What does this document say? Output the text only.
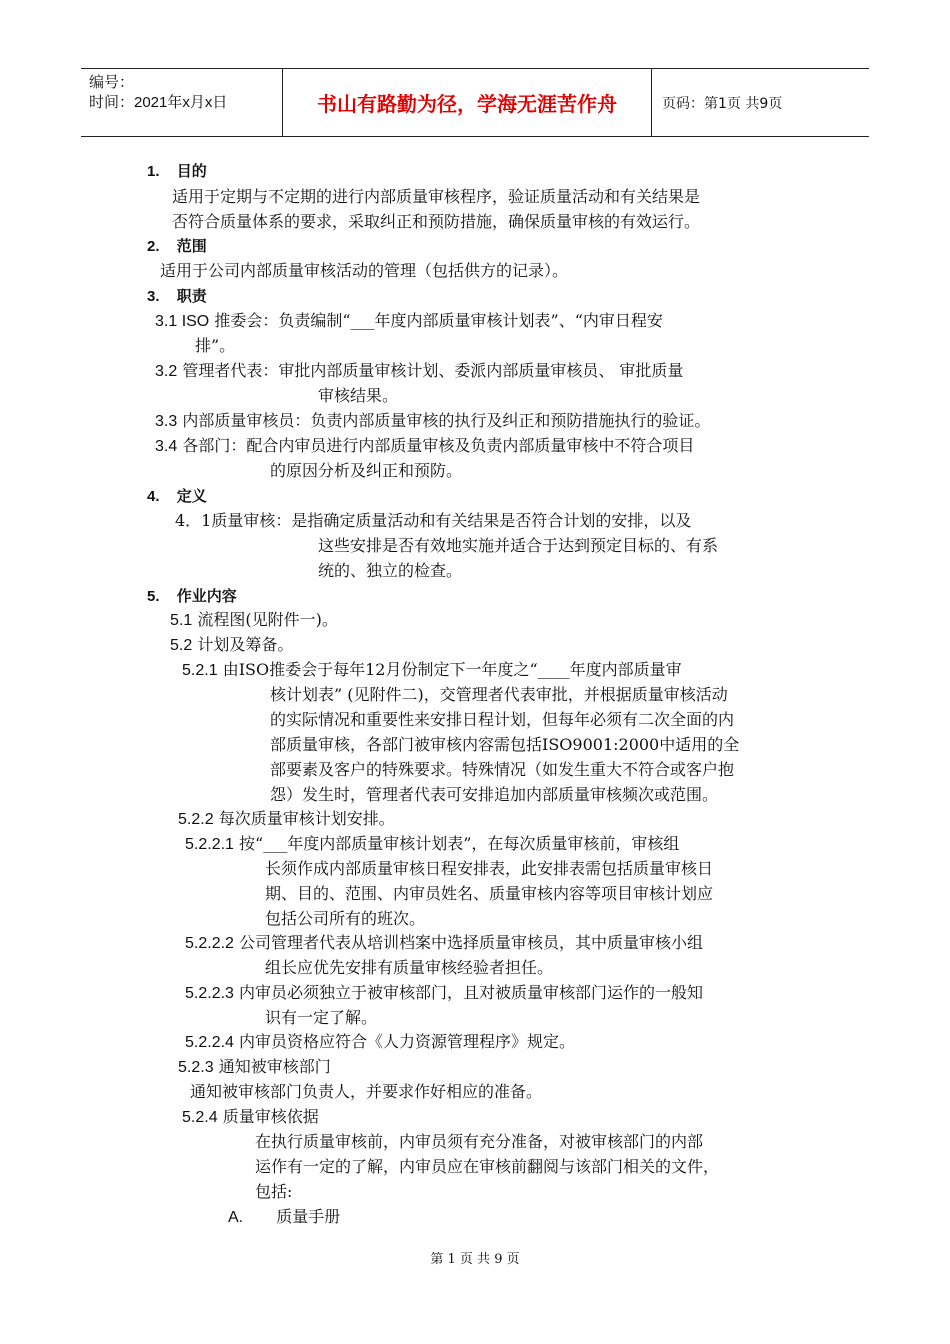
编号：
时间：2021年x月x日	书山有路勤为径，学海无涯苦作舟	页码：第1页 共9页
1. 目的
适用于定期与不定期的进行内部质量审核程序，验证质量活动和有关结果是
否符合质量体系的要求，采取纠正和预防措施，确保质量审核的有效运行。
2. 范围
适用于公司内部质量审核活动的管理（包括供方的记录）。
3. 职责
3.1 ISO 推委会：负责编制“___年度内部质量审核计划表”、“内审日程安
排”。
3.2 管理者代表：审批内部质量审核计划、委派内部质量审核员、 审批质量
审核结果。
3.3 内部质量审核员：负责内部质量审核的执行及纠正和预防措施执行的验证。
3.4 各部门：配合内审员进行内部质量审核及负责内部质量审核中不符合项目
的原因分析及纠正和预防。
4. 定义
4．1质量审核：是指确定质量活动和有关结果是否符合计划的安排，以及
这些安排是否有效地实施并适合于达到预定目标的、有系
统的、独立的检查。
5. 作业内容
5.1 流程图(见附件一)。
5.2 计划及筹备。
5.2.1 由ISO推委会于每年12月份制定下一年度之“____年度内部质量审
核计划表” (见附件二)，交管理者代表审批，并根据质量审核活动
的实际情况和重要性来安排日程计划，但每年必须有二次全面的内
部质量审核，各部门被审核内容需包括ISO9001:2000中适用的全
部要素及客户的特殊要求。特殊情况（如发生重大不符合或客户抱
怨）发生时，管理者代表可安排追加内部质量审核频次或范围。
5.2.2 每次质量审核计划安排。
5.2.2.1 按“___年度内部质量审核计划表”，在每次质量审核前，审核组
长须作成内部质量审核日程安排表，此安排表需包括质量审核日
期、目的、范围、内审员姓名、质量审核内容等项目审核计划应
包括公司所有的班次。
5.2.2.2 公司管理者代表从培训档案中选择质量审核员，其中质量审核小组
组长应优先安排有质量审核经验者担任。
5.2.2.3 内审员必须独立于被审核部门，且对被质量审核部门运作的一般知
识有一定了解。
5.2.2.4 内审员资格应符合《人力资源管理程序》规定。
5.2.3 通知被审核部门
通知被审核部门负责人，并要求作好相应的准备。
5.2.4 质量审核依据
在执行质量审核前，内审员须有充分准备，对被审核部门的内部
运作有一定的了解，内审员应在审核前翻阅与该部门相关的文件，
包括:
A. 质量手册
第 1 页 共 9 页
